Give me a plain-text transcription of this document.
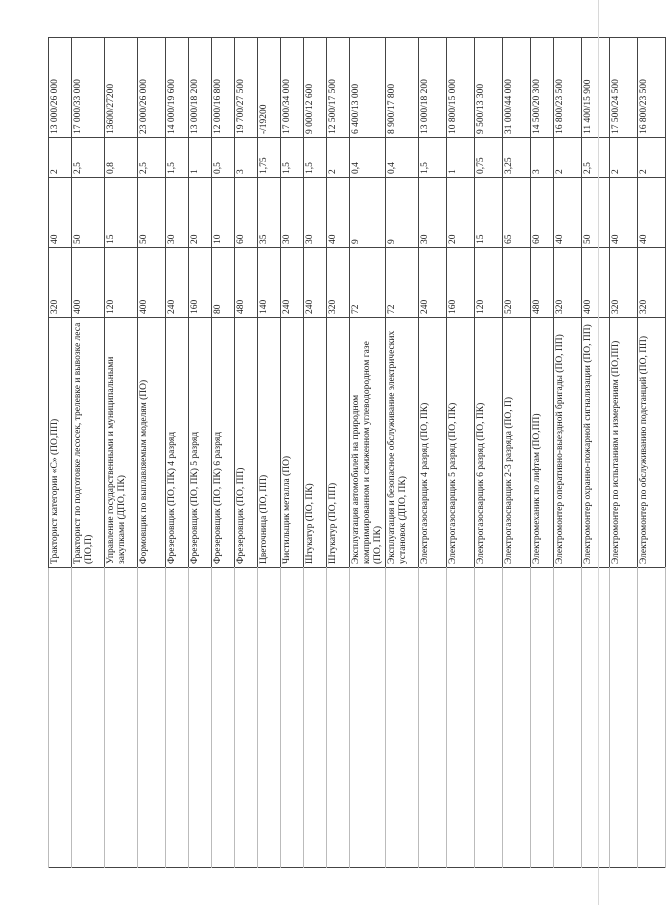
	Тракторист категории «С» (ПО,ПП)	320	40	2	13 000/26 000
	Тракторист по подготовке лесосек, трелевке и вывозке леса (ПО,П)	400	50	2,5	17 000/33 000
	Управление государственными и муниципальными закупками (ДПО, ПК)	120	15	0,8	13600/27200
	Формовщик по выплавляемым моделям (ПО)	400	50	2,5	23 000/26 000
	Фрезеровщик (ПО, ПК) 4 разряд	240	30	1,5	14 000/19 600
	Фрезеровщик (ПО, ПК) 5 разряд	160	20	1	13 000/18 200
	Фрезеровщик (ПО, ПК) 6 разряд	80	10	0,5	12 000/16 800
	Фрезеровщик (ПО, ПП)	480	60	3	19 700/27 500
	Цветочница (ПО, ПП)	140	35	1,75	-/19200
	Чистильщик металла (ПО)	240	30	1,5	17 000/34 000
	Штукатур (ПО, ПК)	240	30	1,5	9 000/12 600
	Штукатур (ПО, ПП)	320	40	2	12 500/17 500
	Эксплуатация автомобилей на природном компримированном и сжиженном углеводородном газе (ПО, ПК)	72	9	0,4	6 400/13 000
	Эксплуатация и безопасное обслуживание электрических установок (ДПО, ПК)	72	9	0,4	8 900/17 800
	Электрогазосварщик 4 разряд (ПО, ПК)	240	30	1,5	13 000/18 200
	Электрогазосварщик 5 разряд (ПО, ПК)	160	20	1	10 800/15 000
	Электрогазосварщик 6 разряд (ПО, ПК)	120	15	0,75	9 500/13 300
	Электрогазосварщик 2-3 разряда (ПО, П)	520	65	3,25	31 000/44 000
	Электромеханик по лифтам (ПО,ПП)	480	60	3	14 500/20 300
	Электромонтер оперативно-выездной бригады (ПО, ПП)	320	40	2	16 800/23 500
	Электромонтер охранно-пожарной сигнализации (ПО, ПП)	400	50	2,5	11 400/15 900
	Электромонтер по испытаниям и измерениям (ПО,ПП)	320	40	2	17 500/24 500
	Электромонтер по обслуживанию подстанций (ПО, ПП)	320	40	2	16 800/23 500
